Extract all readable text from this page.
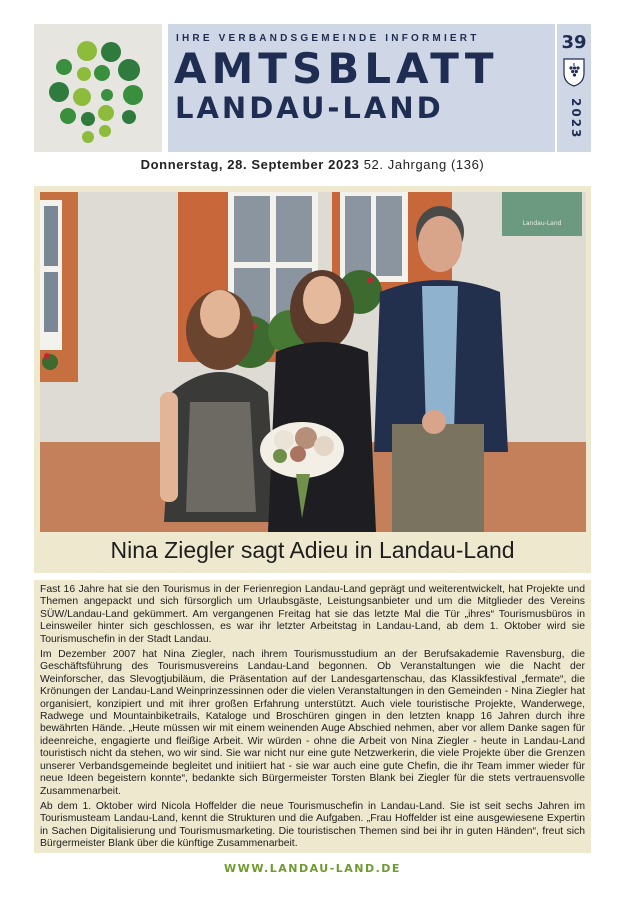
IHRE VERBANDSGEMEINDE INFORMIERT
AMTSBLATT
LANDAU-LAND
39
2023
Donnerstag, 28. September 2023 52. Jahrgang (136)
Landau-Land
Nina Ziegler sagt Adieu in Landau-Land

Fast 16 Jahre hat sie den Tourismus in der Ferienregion Landau-Land geprägt und weiterentwickelt, hat Projekte und Themen angepackt und sich fürsorglich um Urlaubsgäste, Leistungsanbieter und um die Mitglieder des Vereins SÜW/Landau-Land gekümmert. Am vergangenen Freitag hat sie das letzte Mal die Tür „ihres“ Tourismusbüros in Leinsweiler hinter sich geschlossen, es war ihr letzter Arbeitstag in Landau-Land, ab dem 1. Oktober wird sie Tourismuschefin in der Stadt Landau.

Im Dezember 2007 hat Nina Ziegler, nach ihrem Tourismusstudium an der Berufsakademie Ravensburg, die Geschäftsführung des Tourismusvereins Landau-Land begonnen. Ob Veranstaltungen wie die Nacht der Weinforscher, das Slevogtjubiläum, die Präsentation auf der Landesgartenschau, das Klassikfestival „fermate“, die Krönungen der Landau-Land Weinprinzessinnen oder die vielen Veranstaltungen in den Gemeinden - Nina Ziegler hat organisiert, konzipiert und mit ihrer großen Erfahrung unterstützt. Auch viele touristische Projekte, Wanderwege, Radwege und Mountainbiketrails, Kataloge und Broschüren gingen in den letzten knapp 16 Jahren durch ihre bewährten Hände. „Heute müssen wir mit einem weinenden Auge Abschied nehmen, aber vor allem Danke sagen für ideenreiche, engagierte und fleißige Arbeit. Wir würden - ohne die Arbeit von Nina Ziegler - heute in Landau-Land touristisch nicht da stehen, wo wir sind. Sie war nicht nur eine gute Netzwerkerin, die viele Projekte über die Grenzen unserer Verbandsgemeinde begleitet und initiiert hat - sie war auch eine gute Chefin, die ihr Team immer wieder für neue Ideen begeistern konnte“, bedankte sich Bürgermeister Torsten Blank bei Ziegler für die stets vertrauensvolle Zusammenarbeit.

Ab dem 1. Oktober wird Nicola Hoffelder die neue Tourismuschefin in Landau-Land. Sie ist seit sechs Jahren im Tourismusteam Landau-Land, kennt die Strukturen und die Aufgaben. „Frau Hoffelder ist eine ausgewiesene Expertin in Sachen Digitalisierung und Tourismusmarketing. Die touristischen Themen sind bei ihr in guten Händen“, freut sich Bürgermeister Blank über die künftige Zusammenarbeit.

WWW.LANDAU-LAND.DE
